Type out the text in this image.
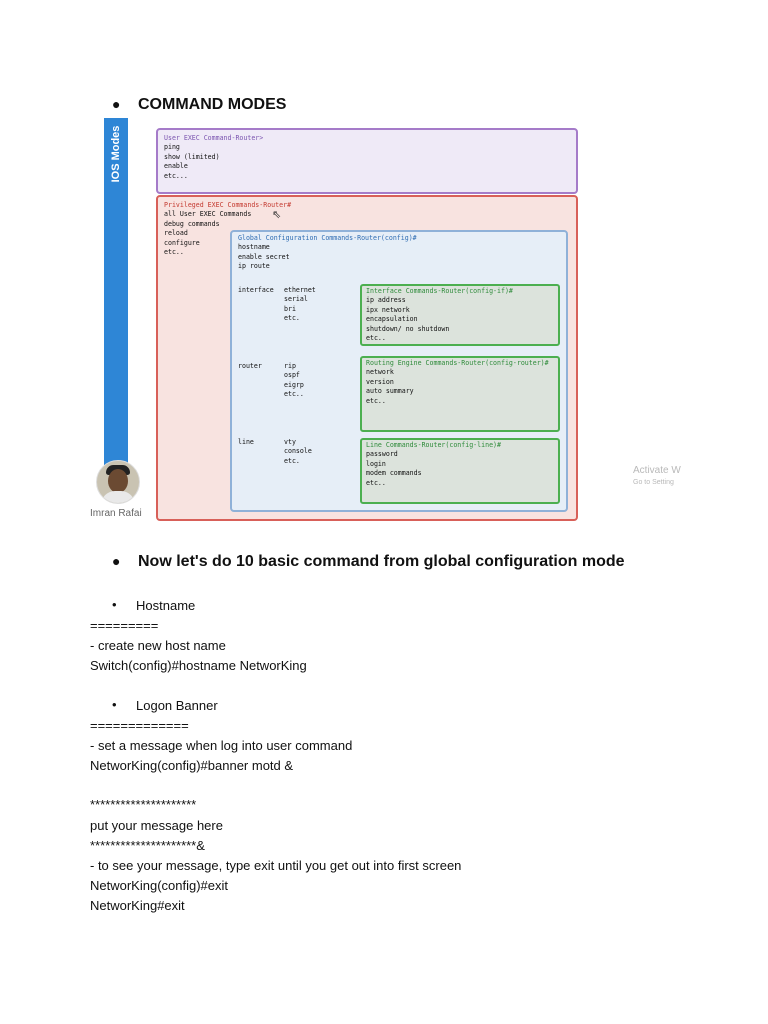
● COMMAND MODES
IOS Modes	User EXEC Command-Router>
ping
show (limited)
enable
etc...
Privileged EXEC Commands-Router#
all User EXEC Commands
debug commands
reload
configure
etc..
Global Configuration Commands-Router(config)#
hostname
enable secret
ip route
interface ethernet
serial
bri
etc.
router	rip
ospf
eigrp
etc..
line	vty
console
etc.
Interface Commands-Router(config-if)#
ip address
ipx network
encapsulation
shutdown/ no shutdown
etc..
Routing Engine Commands-Router(config-router)#
network
version
auto summary
etc..
Line Commands-Router(config-line)#
password
login
modem commands
etc..
⇖
Imran Rafai
Activate W
Go to Setting
● Now let's do 10 basic command from global configuration mode
• Hostname
=========
- create new host name
Switch(config)#hostname NetworKing
• Logon Banner
=============
- set a message when log into user command
NetworKing(config)#banner motd &
*********************
put your message here
*********************&
- to see your message, type exit until you get out into first screen
NetworKing(config)#exit
NetworKing#exit
